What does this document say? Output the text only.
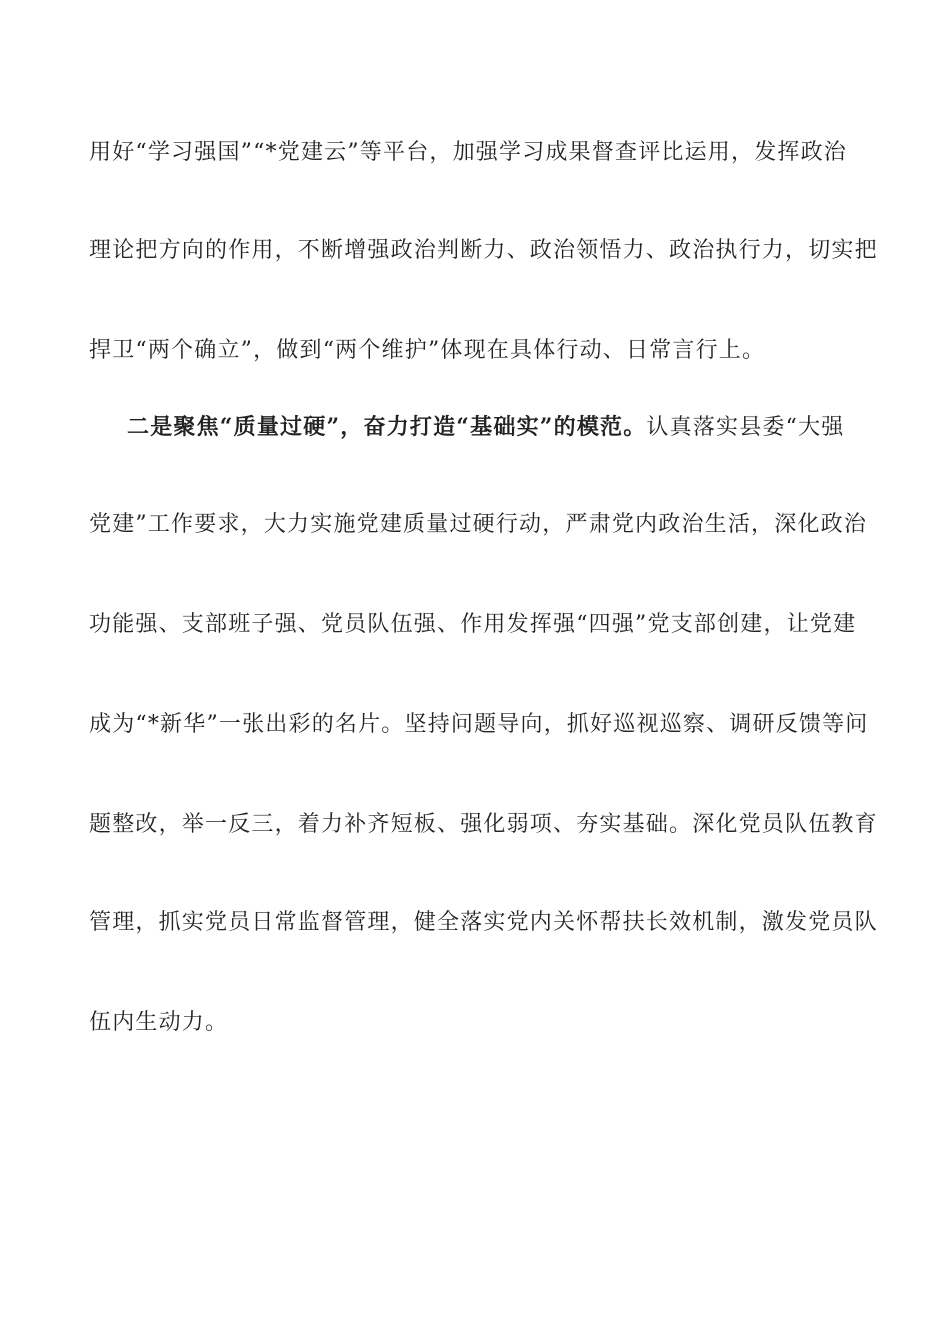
用好“学习强国”“*党建云”等平台，加强学习成果督查评比运用，发挥政治
理论把方向的作用，不断增强政治判断力、政治领悟力、政治执行力，切实把
捍卫“两个确立”，做到“两个维护”体现在具体行动、日常言行上。
二是聚焦“质量过硬”，奋力打造“基础实”的模范。认真落实县委“大强
党建”工作要求，大力实施党建质量过硬行动，严肃党内政治生活，深化政治
功能强、支部班子强、党员队伍强、作用发挥强“四强”党支部创建，让党建
成为“*新华”一张出彩的名片。坚持问题导向，抓好巡视巡察、调研反馈等问
题整改，举一反三，着力补齐短板、强化弱项、夯实基础。深化党员队伍教育
管理，抓实党员日常监督管理，健全落实党内关怀帮扶长效机制，激发党员队
伍内生动力。
